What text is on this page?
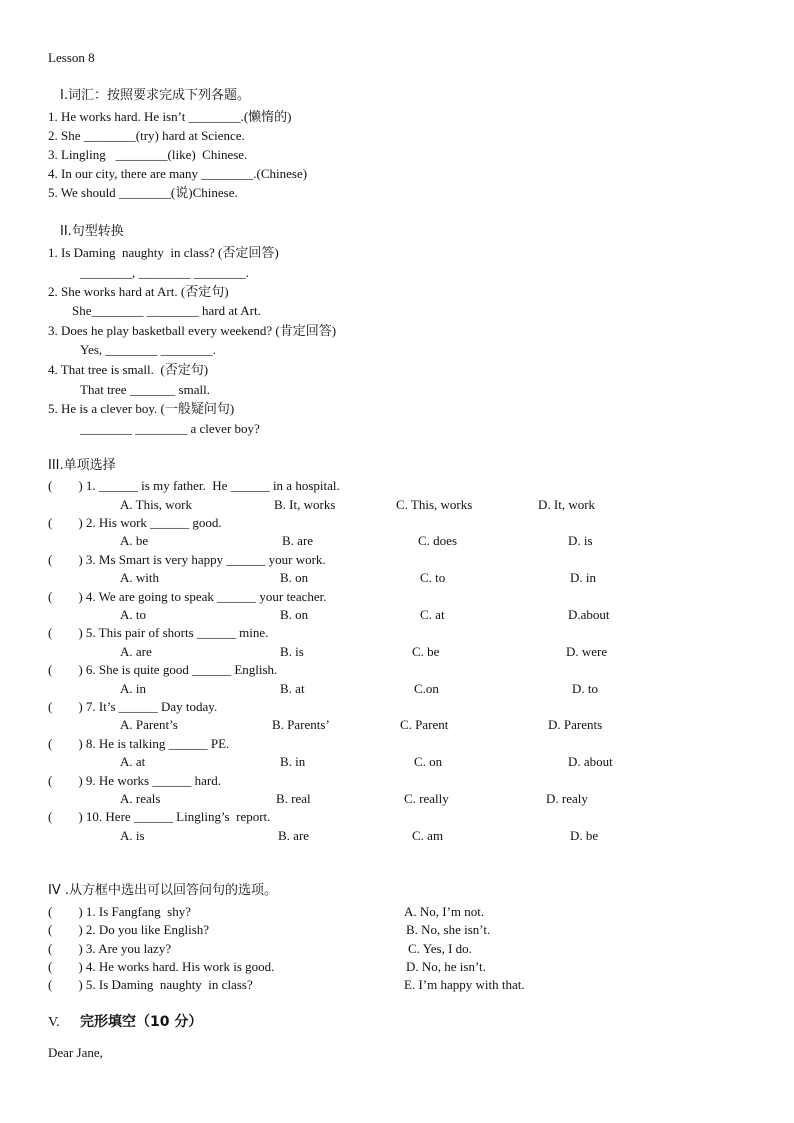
Lesson 8
Ⅰ.词汇：按照要求完成下列各题。
1. He works hard. He isn’t ________.(懒惰的)
2. She ________(try) hard at Science.
3. Lingling   ________(like)  Chinese.
4. In our city, there are many ________.(Chinese)
5. We should ________(说)Chinese.
II.句型转换
1. Is Daming  naughty  in class? (否定回答)
________, ________ ________.
2. She works hard at Art. (否定句)
She________ ________ hard at Art.
3. Does he play basketball every weekend? (肯定回答)
Yes, ________ ________.
4. That tree is small.  (否定句)
That tree _______ small.
5. He is a clever boy. (一般疑问句)
________ ________ a clever boy?
III.单项选择
(        ) 1. ______ is my father.  He ______ in a hospital.
A. This, work	B. It, works	C. This, works	D. It, work
(        ) 2. His work ______ good.
A. be	B. are	C. does	D. is
(        ) 3. Ms Smart is very happy ______ your work.
A. with	B. on	C. to	D. in
(        ) 4. We are going to speak ______ your teacher.
A. to	B. on	C. at	D.about
(        ) 5. This pair of shorts ______ mine.
A. are	B. is	C. be	D. were
(        ) 6. She is quite good ______ English.
A. in	B. at	C.on	D. to
(        ) 7. It’s ______ Day today.
A. Parent’s	B. Parents’	C. Parent	D. Parents
(        ) 8. He is talking ______ PE.
A. at	B. in	C. on	D. about
(        ) 9. He works ______ hard.
A. reals	B. real	C. really	D. realy
(        ) 10. Here ______ Lingling’s  report.
A. is	B. are	C. am	D. be
IV .从方框中选出可以回答问句的选项。
(        ) 1. Is Fangfang  shy?	A. No, I’m not.
(        ) 2. Do you like English?	B. No, she isn’t.
(        ) 3. Are you lazy?	C. Yes, I do.
(        ) 4. He works hard. His work is good.	D. No, he isn’t.
(        ) 5. Is Daming  naughty  in class?	E. I’m happy with that.
V. 完形填空（10 分）
Dear Jane,
